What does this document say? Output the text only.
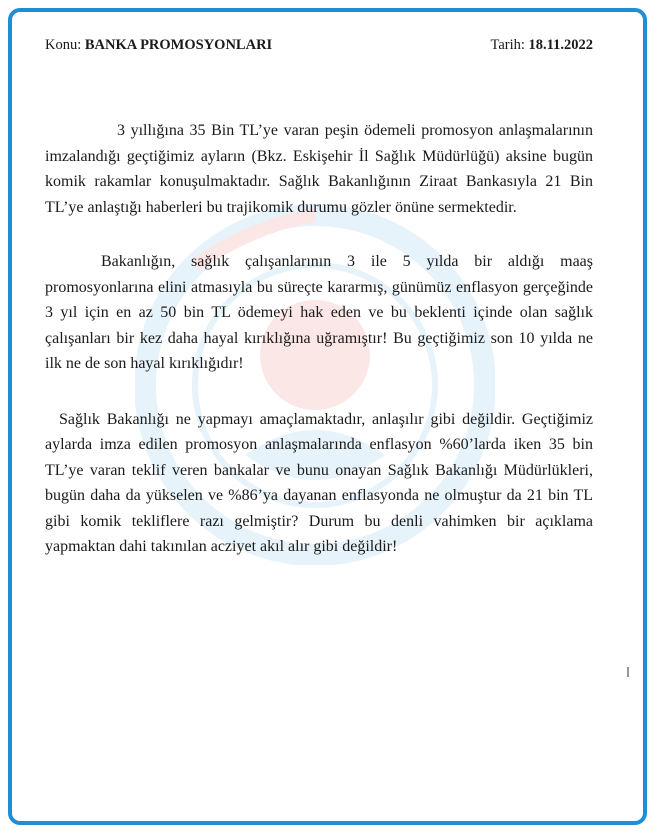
Konu: BANKA PROMOSYONLARI	Tarih: 18.11.2022

3 yıllığına 35 Bin TL’ye varan peşin ödemeli promosyon anlaşmalarının imzalandığı geçtiğimiz ayların (Bkz. Eskişehir İl Sağlık Müdürlüğü) aksine bugün komik rakamlar konuşulmaktadır. Sağlık Bakanlığının Ziraat Bankasıyla 21 Bin TL’ye anlaştığı haberleri bu trajikomik durumu gözler önüne sermektedir.

Bakanlığın, sağlık çalışanlarının 3 ile 5 yılda bir aldığı maaş promosyonlarına elini atmasıyla bu süreçte kararmış, günümüz enflasyon gerçeğinde 3 yıl için en az 50 bin TL ödemeyi hak eden ve bu beklenti içinde olan sağlık çalışanları bir kez daha hayal kırıklığına uğramıştır! Bu geçtiğimiz son 10 yılda ne ilk ne de son hayal kırıklığıdır!

Sağlık Bakanlığı ne yapmayı amaçlamaktadır, anlaşılır gibi değildir. Geçtiğimiz aylarda imza edilen promosyon anlaşmalarında enflasyon %60’larda iken 35 bin TL’ye varan teklif veren bankalar ve bunu onayan Sağlık Bakanlığı Müdürlükleri, bugün daha da yükselen ve %86’ya dayanan enflasyonda ne olmuştur da 21 bin TL gibi komik tekliflere razı gelmiştir? Durum bu denli vahimken bir açıklama yapmaktan dahi takınılan acziyet akıl alır gibi değildir!
